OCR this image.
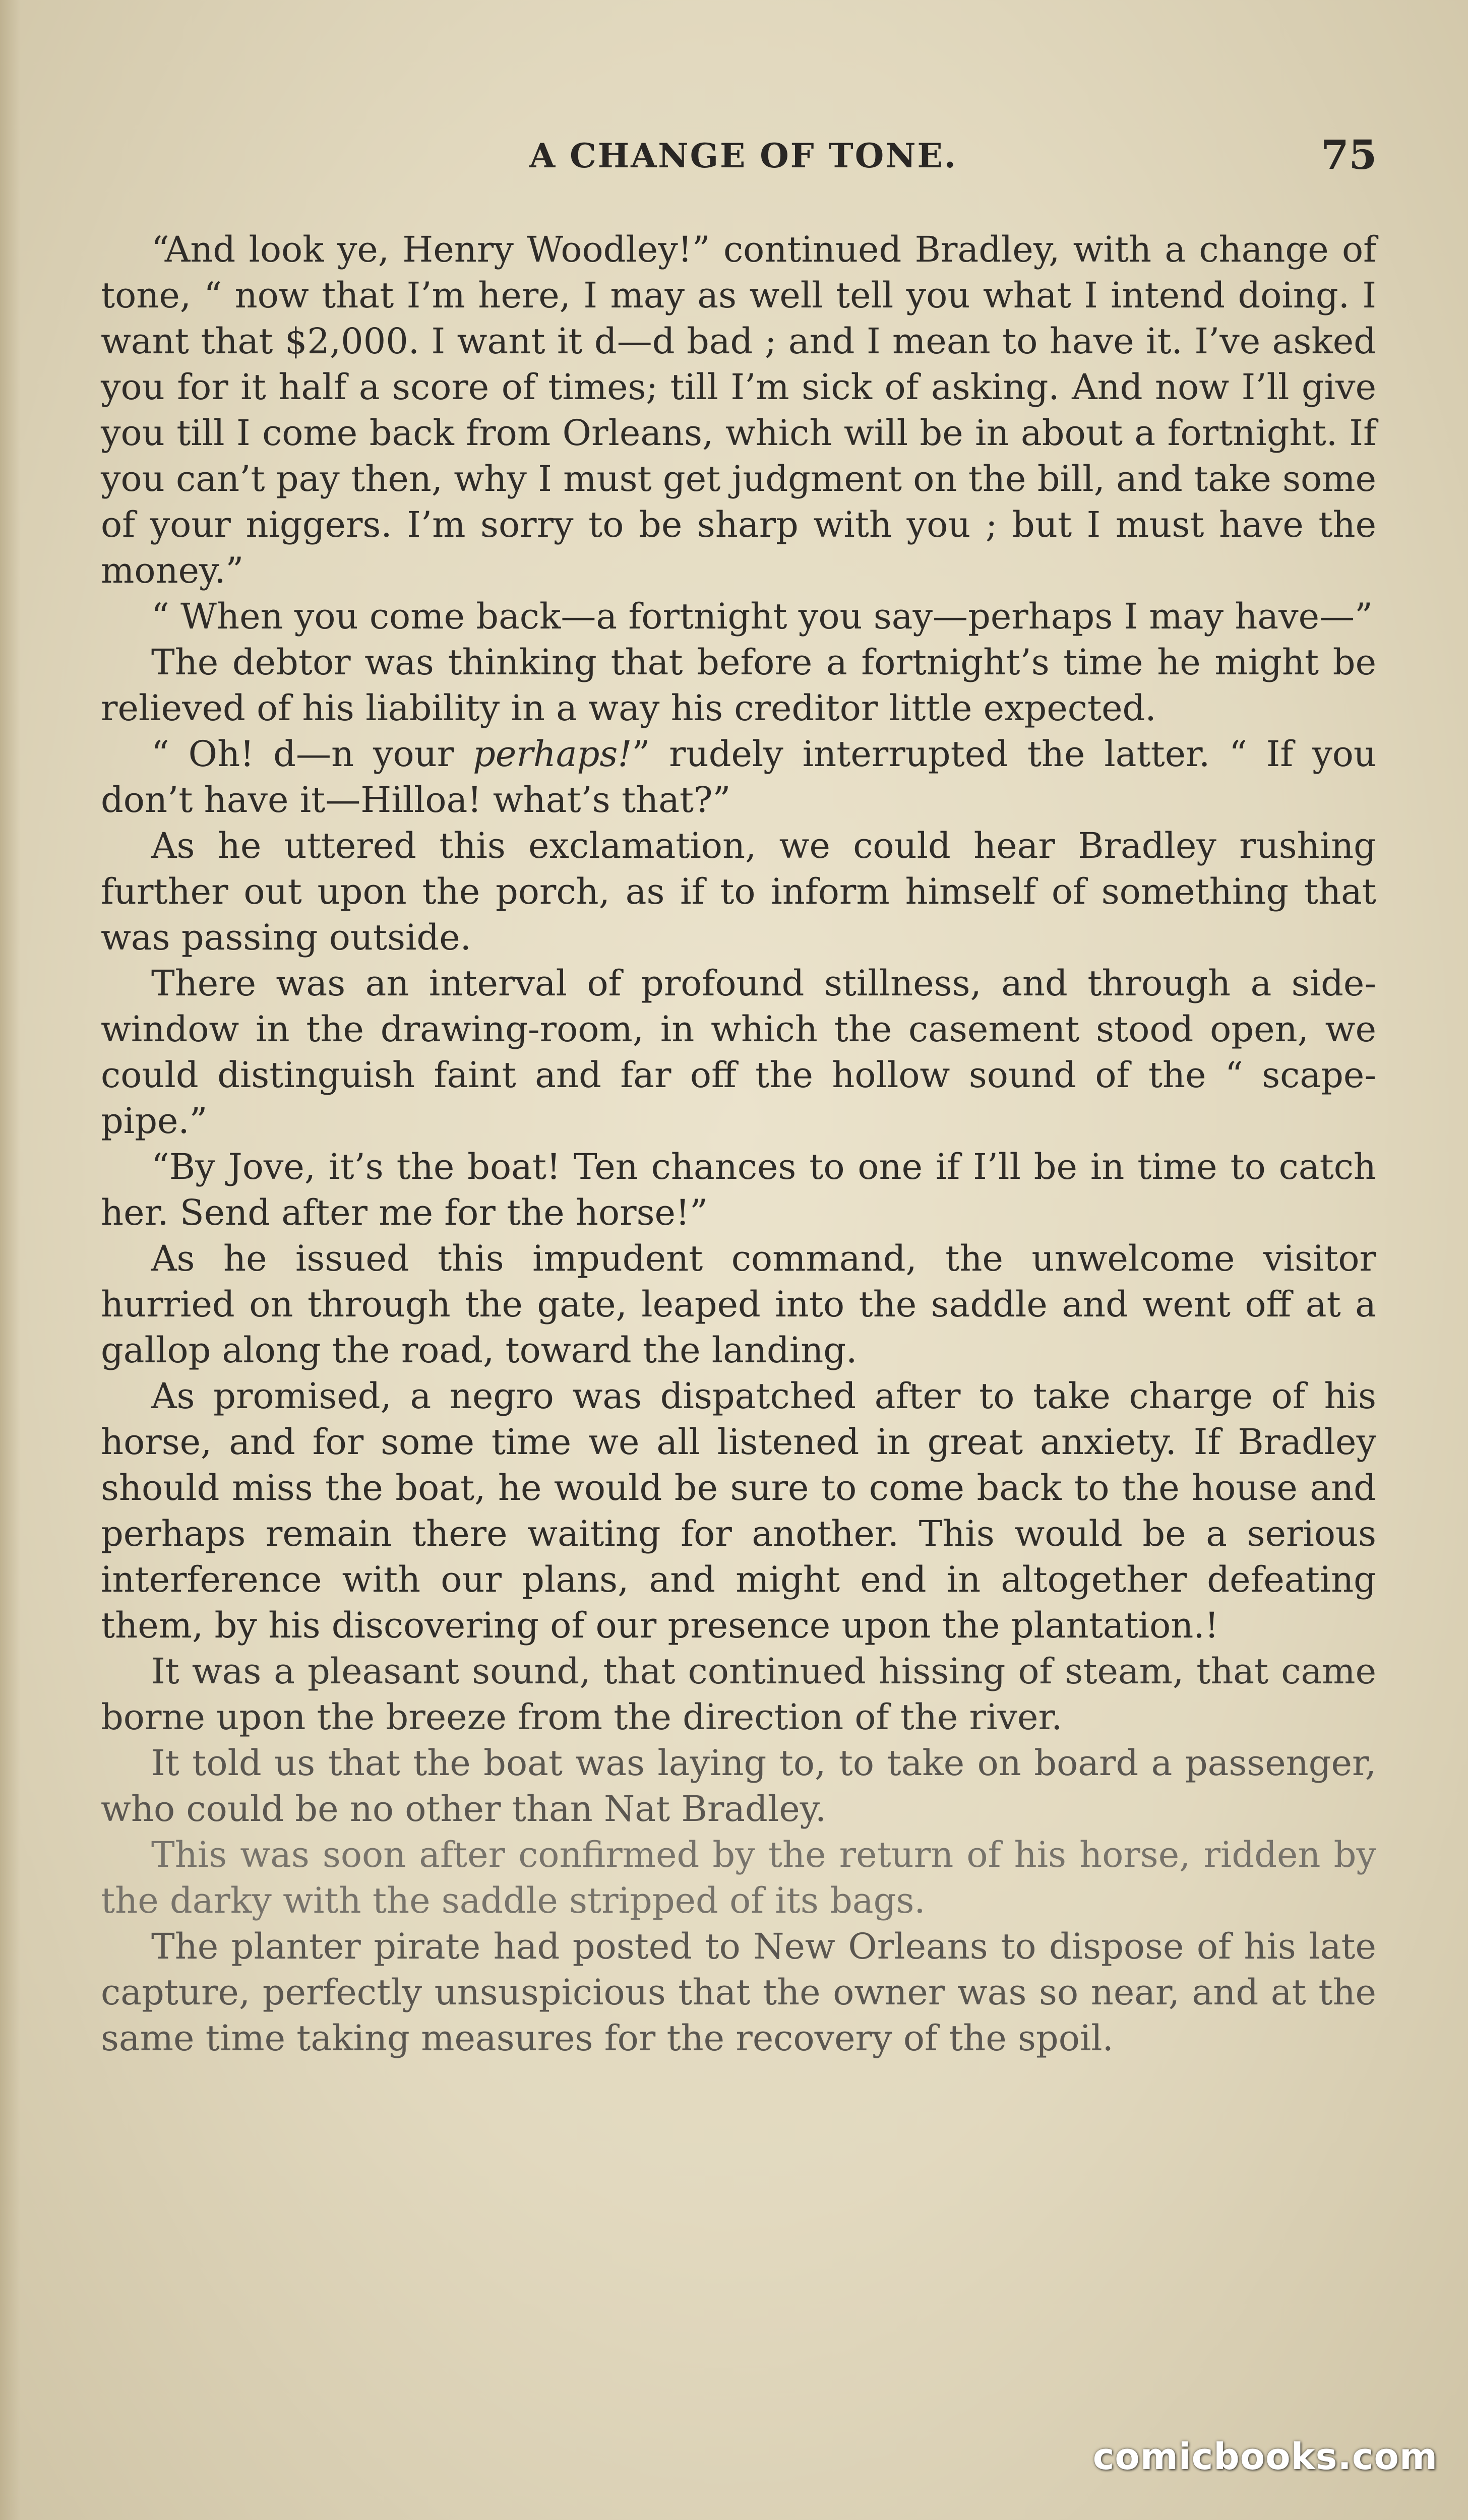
A CHANGE OF TONE.	75

“And look ye, Henry Woodley!” continued Bradley, with a change of tone, “ now that I’m here, I may as well tell you what I intend doing. I want that $2,000. I want it d—d bad ; and I mean to have it. I’ve asked you for it half a score of times; till I’m sick of asking. And now I’ll give you till I come back from Orleans, which will be in about a fortnight. If you can’t pay then, why I must get judgment on the bill, and take some of your niggers. I’m sorry to be sharp with you ; but I must have the money.”

“ When you come back—a fortnight you say—perhaps I may have—”

The debtor was thinking that before a fortnight’s time he might be relieved of his liability in a way his creditor little expected.

“ Oh! d—n your perhaps!” rudely interrupted the latter. “ If you don’t have it—Hilloa! what’s that?”

As he uttered this exclamation, we could hear Bradley rushing further out upon the porch, as if to inform himself of something that was passing outside.

There was an interval of profound stillness, and through a side-window in the drawing-room, in which the casement stood open, we could distinguish faint and far off the hollow sound of the “ scape-pipe.”

“By Jove, it’s the boat! Ten chances to one if I’ll be in time to catch her. Send after me for the horse!”

As he issued this impudent command, the unwelcome visitor hurried on through the gate, leaped into the saddle and went off at a gallop along the road, toward the landing.

As promised, a negro was dispatched after to take charge of his horse, and for some time we all listened in great anxiety. If Bradley should miss the boat, he would be sure to come back to the house and perhaps remain there waiting for another. This would be a serious interference with our plans, and might end in altogether defeating them, by his discovering of our presence upon the plantation.!

It was a pleasant sound, that continued hissing of steam, that came borne upon the breeze from the direction of the river.

It told us that the boat was laying to, to take on board a passenger, who could be no other than Nat Bradley.

This was soon after confirmed by the return of his horse, ridden by the darky with the saddle stripped of its bags.

The planter pirate had posted to New Orleans to dispose of his late capture, perfectly unsuspicious that the owner was so near, and at the same time taking measures for the recovery of the spoil.

comicbooks.com
